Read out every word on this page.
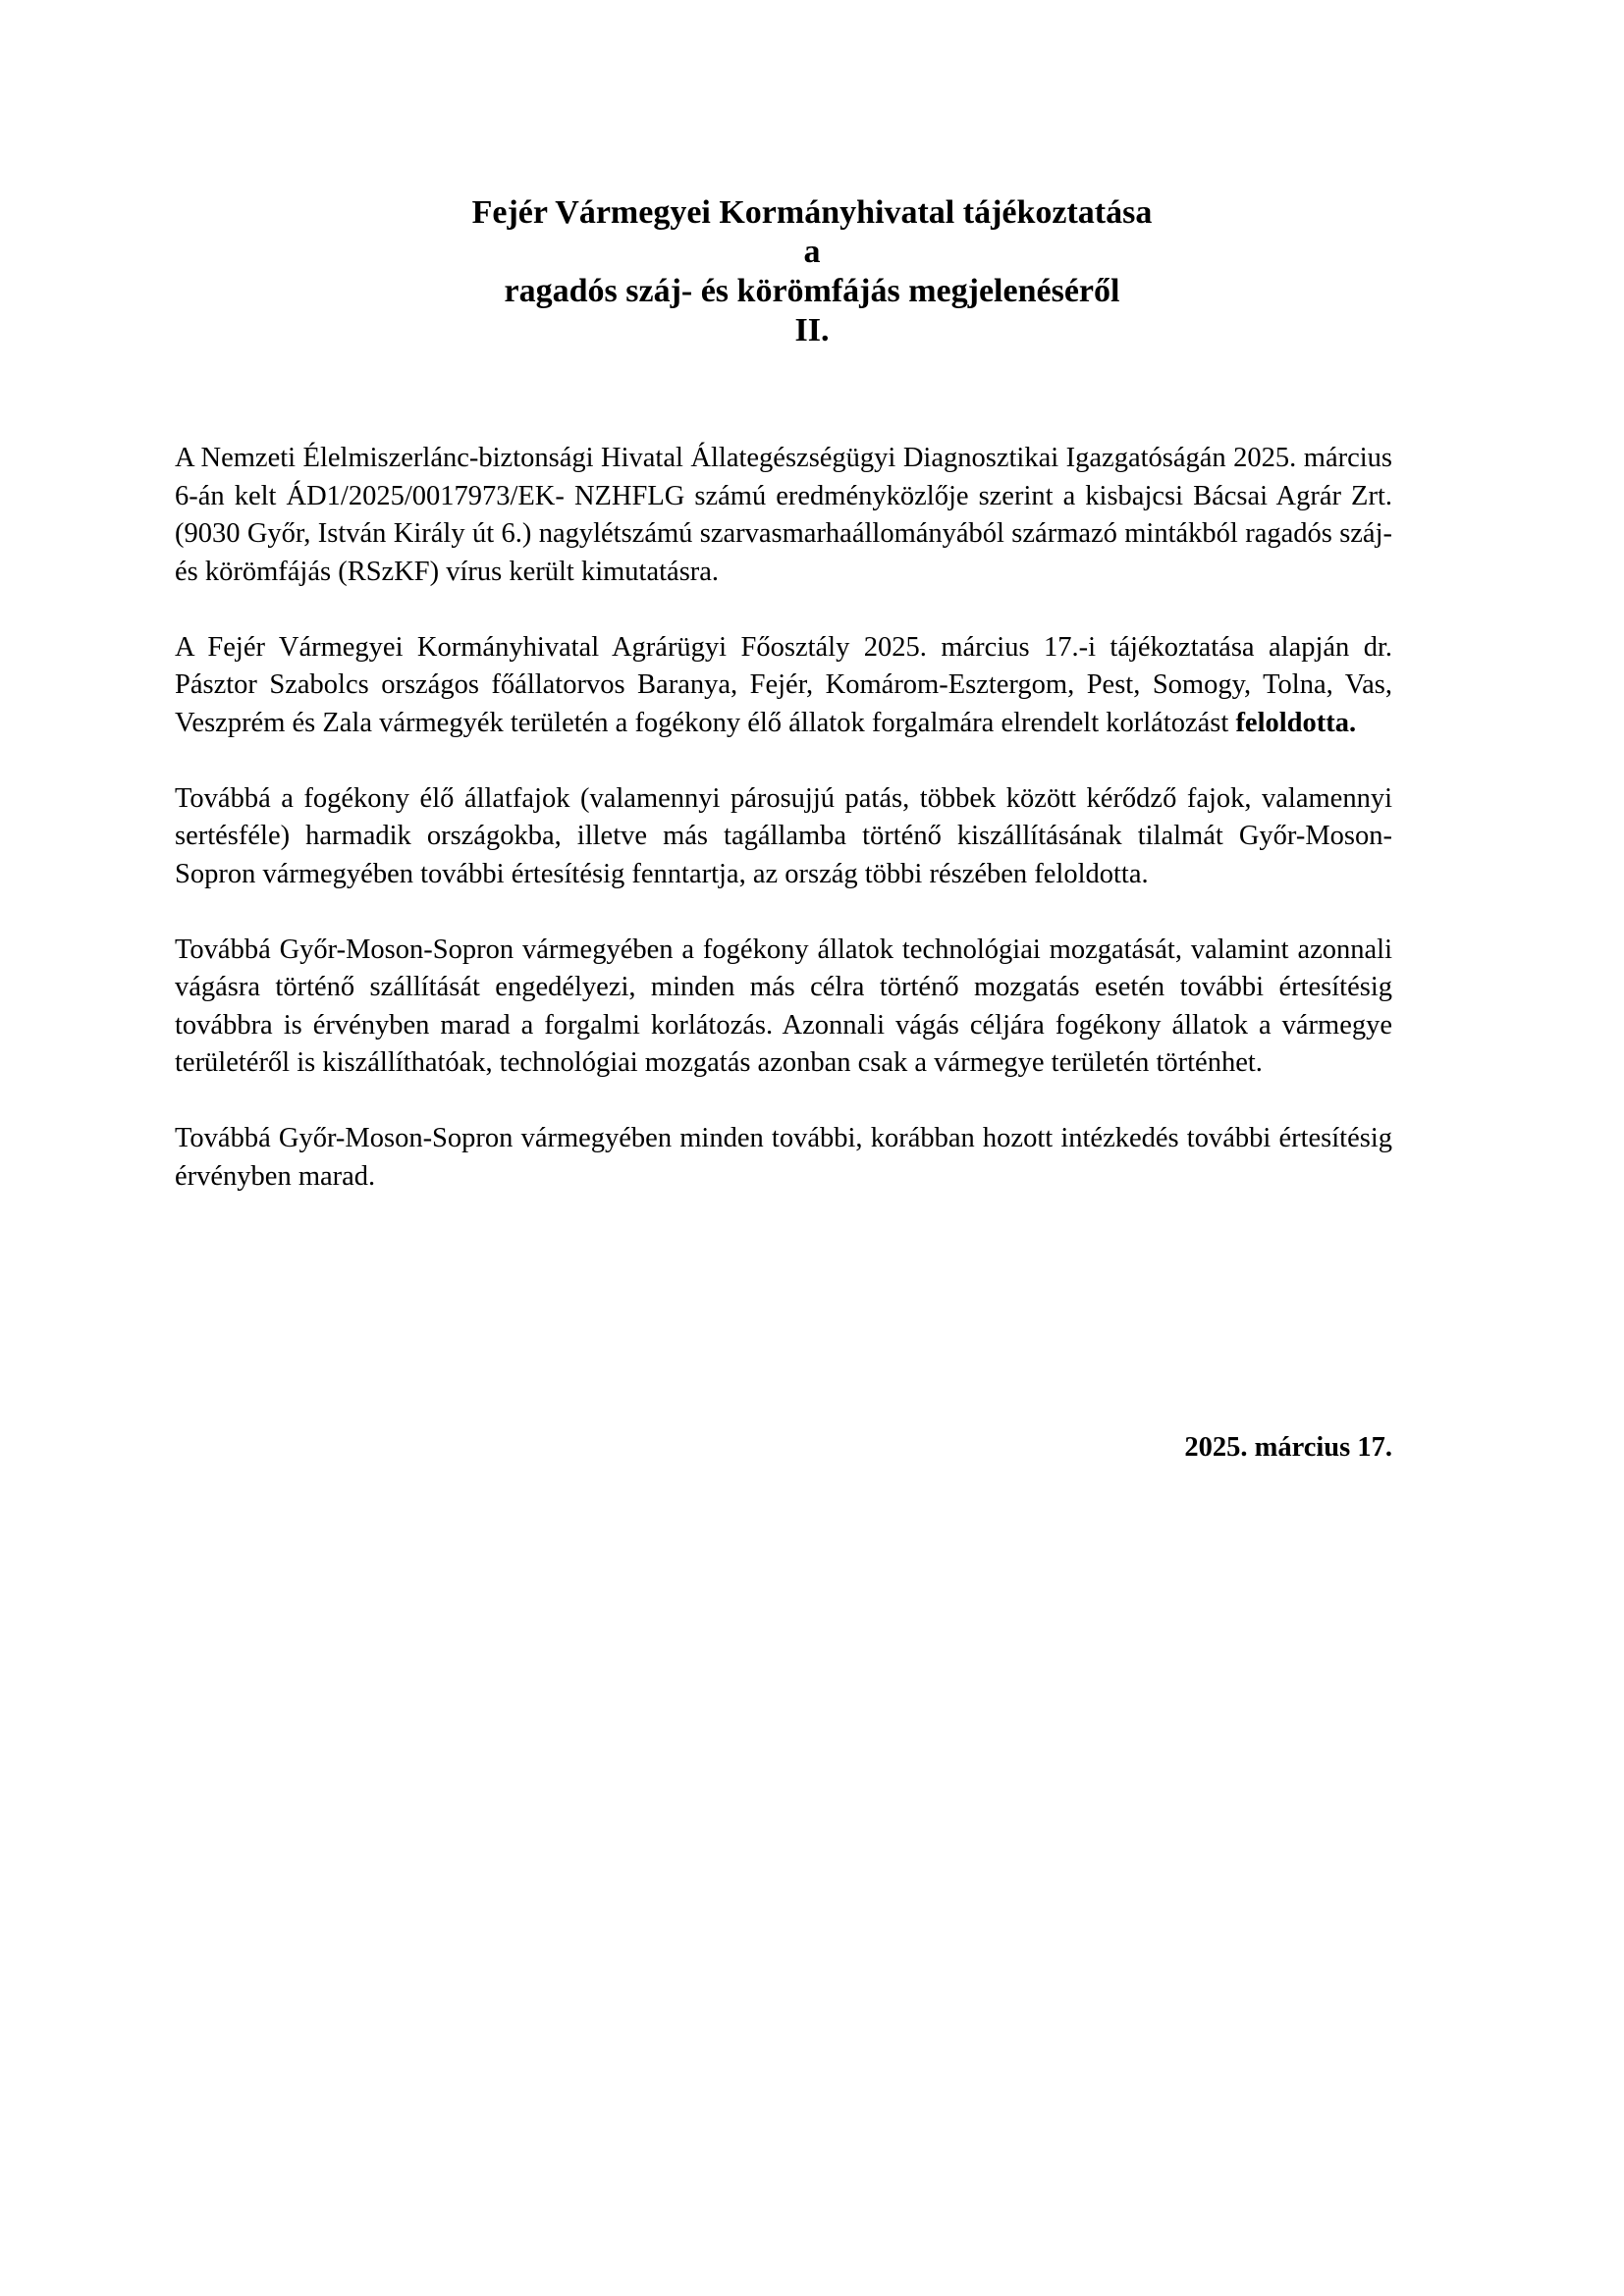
Fejér Vármegyei Kormányhivatal tájékoztatása
a
ragadós száj- és körömfájás megjelenéséről
II.

A Nemzeti Élelmiszerlánc-biztonsági Hivatal Állategészségügyi Diagnosztikai Igazgatóságán 2025. március 6-án kelt ÁD1/2025/0017973/EK- NZHFLG számú eredményközlője szerint a kisbajcsi Bácsai Agrár Zrt. (9030 Győr, István Király út 6.) nagylétszámú szarvasmarhaállományából származó mintákból ragadós száj- és körömfájás (RSzKF) vírus került kimutatásra.

A Fejér Vármegyei Kormányhivatal Agrárügyi Főosztály 2025. március 17.-i tájékoztatása alapján dr. Pásztor Szabolcs országos főállatorvos Baranya, Fejér, Komárom-Esztergom, Pest, Somogy, Tolna, Vas, Veszprém és Zala vármegyék területén a fogékony élő állatok forgalmára elrendelt korlátozást feloldotta.

Továbbá a fogékony élő állatfajok (valamennyi párosujjú patás, többek között kérődző fajok, valamennyi sertésféle) harmadik országokba, illetve más tagállamba történő kiszállításának tilalmát Győr-Moson-Sopron vármegyében további értesítésig fenntartja, az ország többi részében feloldotta.

Továbbá Győr-Moson-Sopron vármegyében a fogékony állatok technológiai mozgatását, valamint azonnali vágásra történő szállítását engedélyezi, minden más célra történő mozgatás esetén további értesítésig továbbra is érvényben marad a forgalmi korlátozás. Azonnali vágás céljára fogékony állatok a vármegye területéről is kiszállíthatóak, technológiai mozgatás azonban csak a vármegye területén történhet.

Továbbá Győr-Moson-Sopron vármegyében minden további, korábban hozott intézkedés további értesítésig érvényben marad.

2025. március 17.
